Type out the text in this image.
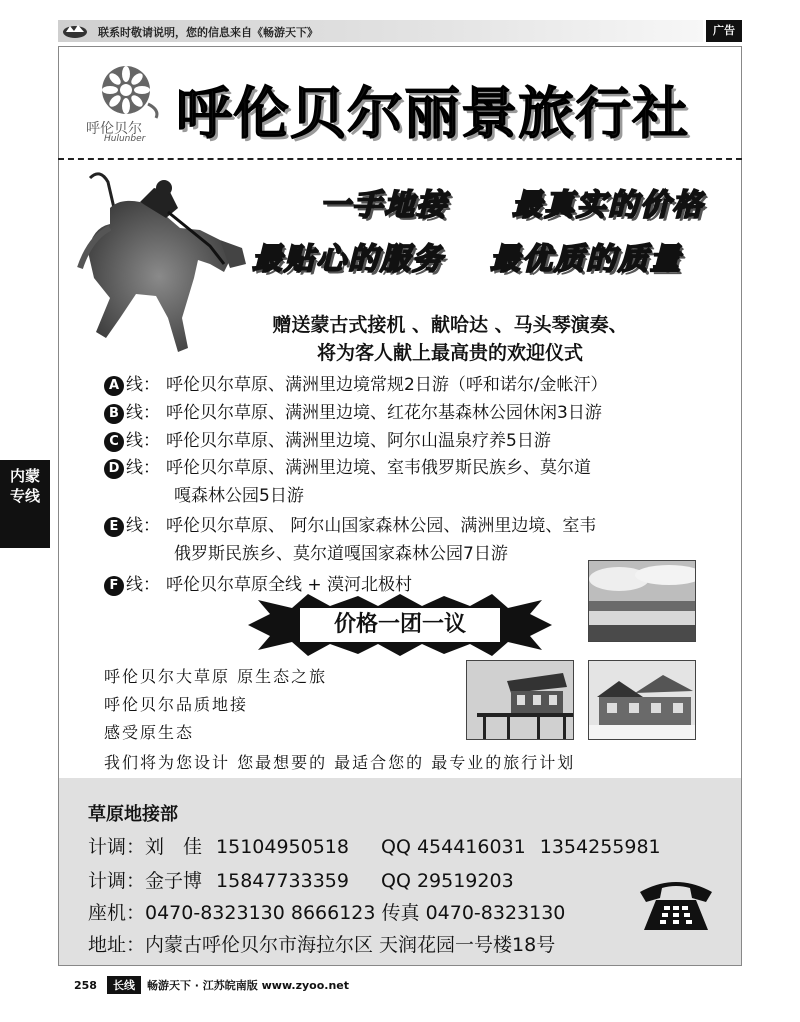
联系时敬请说明，您的信息来自《畅游天下》	广告
内蒙
专线
呼伦贝尔
Hulunber 呼伦贝尔丽景旅行社
一手地接 最真实的价格
最贴心的服务 最优质的质量
赠送蒙古式接机 、献哈达 、马头琴演奏、
将为客人献上最高贵的欢迎仪式
A 线： 呼伦贝尔草原、满洲里边境常规2日游（呼和诺尔/金帐汗）
B 线： 呼伦贝尔草原、满洲里边境、红花尔基森林公园休闲3日游
C 线： 呼伦贝尔草原、满洲里边境、阿尔山温泉疗养5日游
D 线： 呼伦贝尔草原、满洲里边境、室韦俄罗斯民族乡、莫尔道
嘎森林公园5日游
E 线： 呼伦贝尔草原、 阿尔山国家森林公园、满洲里边境、室韦
俄罗斯民族乡、莫尔道嘎国家森林公园7日游
F 线： 呼伦贝尔草原全线 + 漠河北极村
价格一团一议
呼伦贝尔大草原 原生态之旅
呼伦贝尔品质地接
感受原生态
我们将为您设计 您最想要的 最适合您的 最专业的旅行计划
草原地接部
计调：刘　佳 15104950518 QQ 454416031 1354255981
计调：金子博 15847733359 QQ 29519203
座机：0470-8323130 8666123 传真 0470-8323130
地址：内蒙古呼伦贝尔市海拉尔区 天润花园一号楼18号
258 长线 畅游天下 · 江苏皖南版 www.zyoo.net
